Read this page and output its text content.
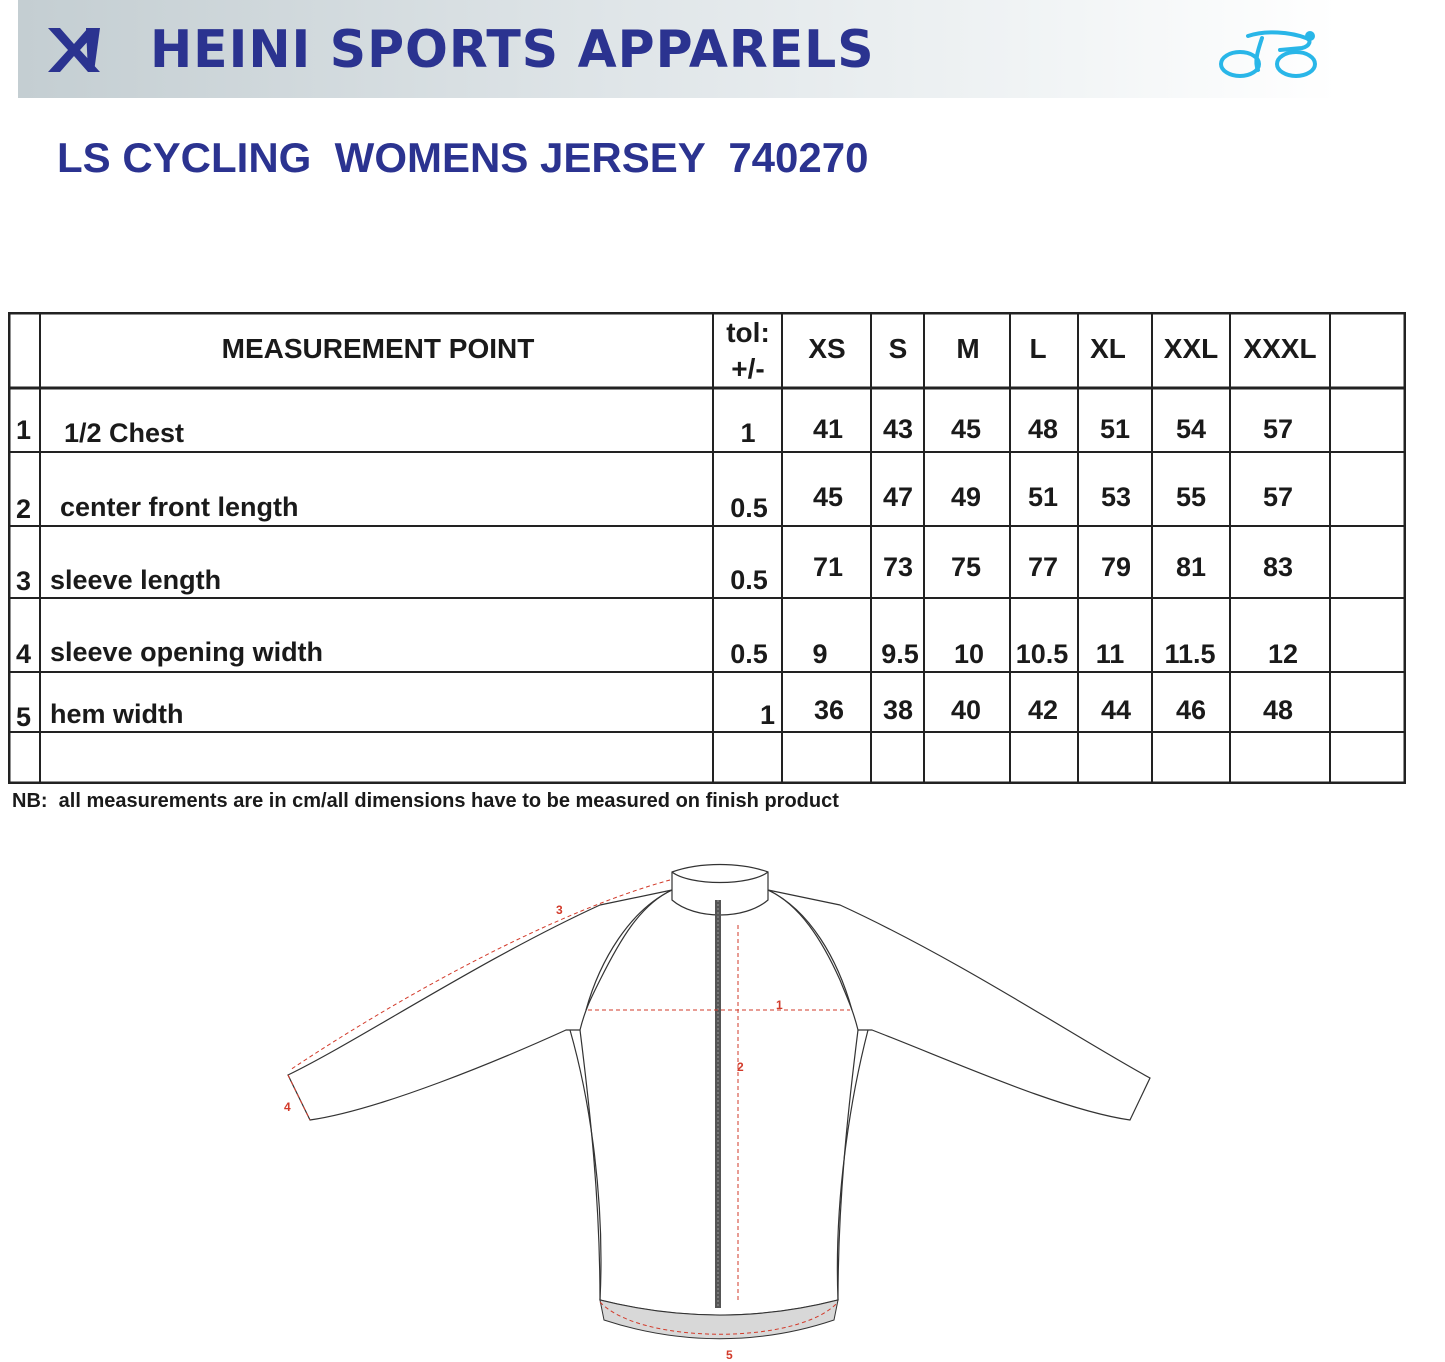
HEINI SPORTS APPARELS
LS CYCLING  WOMENS JERSEY  740270
MEASUREMENT POINT
tol:
+/-
XS S M L XL XXL XXXL
1 1/2 Chest	1 41 43 45 48 51 54 57
2 center front length	0.5 45 47 49 51 53 55 57
3 sleeve length	0.5 71 73 75 77 79 81 83
4 sleeve opening width	0.5 9 9.5 10 10.5 11 11.5 12
5 hem width	1 36 38 40 42 44 46 48
NB:  all measurements are in cm/all dimensions have to be measured on finish product
1
2
3
4
5
